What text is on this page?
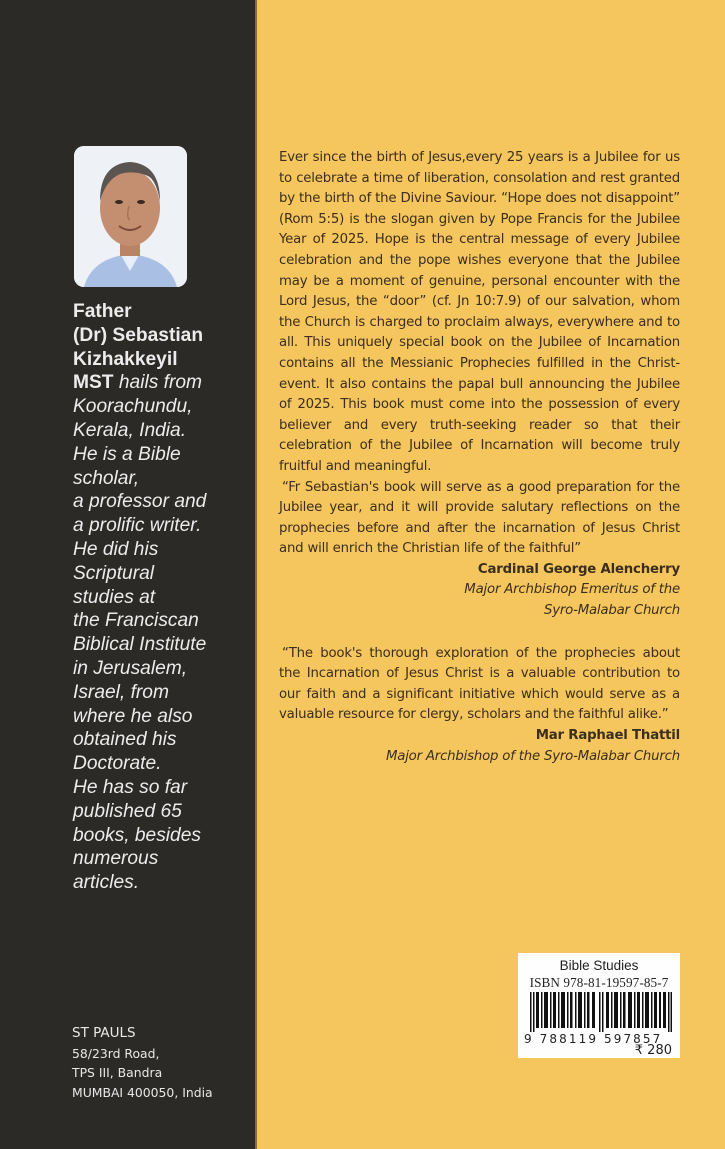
Father
(Dr) Sebastian
Kizhakkeyil
MST hails from
Koorachundu,
Kerala, India.
He is a Bible
scholar,
a professor and
a prolific writer.
He did his
Scriptural
studies at
the Franciscan
Biblical Institute
in Jerusalem,
Israel, from
where he also
obtained his
Doctorate.
He has so far
published 65
books, besides
numerous
articles.
ST PAULS
58/23rd Road,
TPS III, Bandra
MUMBAI 400050, India

Ever since the birth of Jesus,every 25 years is a Jubilee for us to celebrate a time of liberation, consolation and rest granted by the birth of the Divine Saviour. “Hope does not disappoint” (Rom 5:5) is the slogan given by Pope Francis for the Jubilee Year of 2025. Hope is the central message of every Jubilee celebration and the pope wishes everyone that the Jubilee may be a moment of genuine, personal encounter with the Lord Jesus, the “door” (cf. Jn 10:7.9) of our salvation, whom the Church is charged to proclaim always, everywhere and to all. This uniquely special book on the Jubilee of Incarnation contains all the Messianic Prophecies fulfilled in the Christ-event. It also contains the papal bull announcing the Jubilee of 2025. This book must come into the possession of every believer and every truth-seeking reader so that their celebration of the Jubilee of Incarnation will become truly fruitful and meaningful.

“Fr Sebastian's book will serve as a good preparation for the Jubilee year, and it will provide salutary reflections on the prophecies before and after the incarnation of Jesus Christ and will enrich the Christian life of the faithful”

Cardinal George Alencherry
Major Archbishop Emeritus of the
Syro-Malabar Church

“The book's thorough exploration of the prophecies about the Incarnation of Jesus Christ is a valuable contribution to our faith and a significant initiative which would serve as a valuable resource for clergy, scholars and the faithful alike.”

Mar Raphael Thattil
Major Archbishop of the Syro-Malabar Church
Bible Studies
ISBN 978-81-19597-85-7
9 788119 597857
₹ 280
